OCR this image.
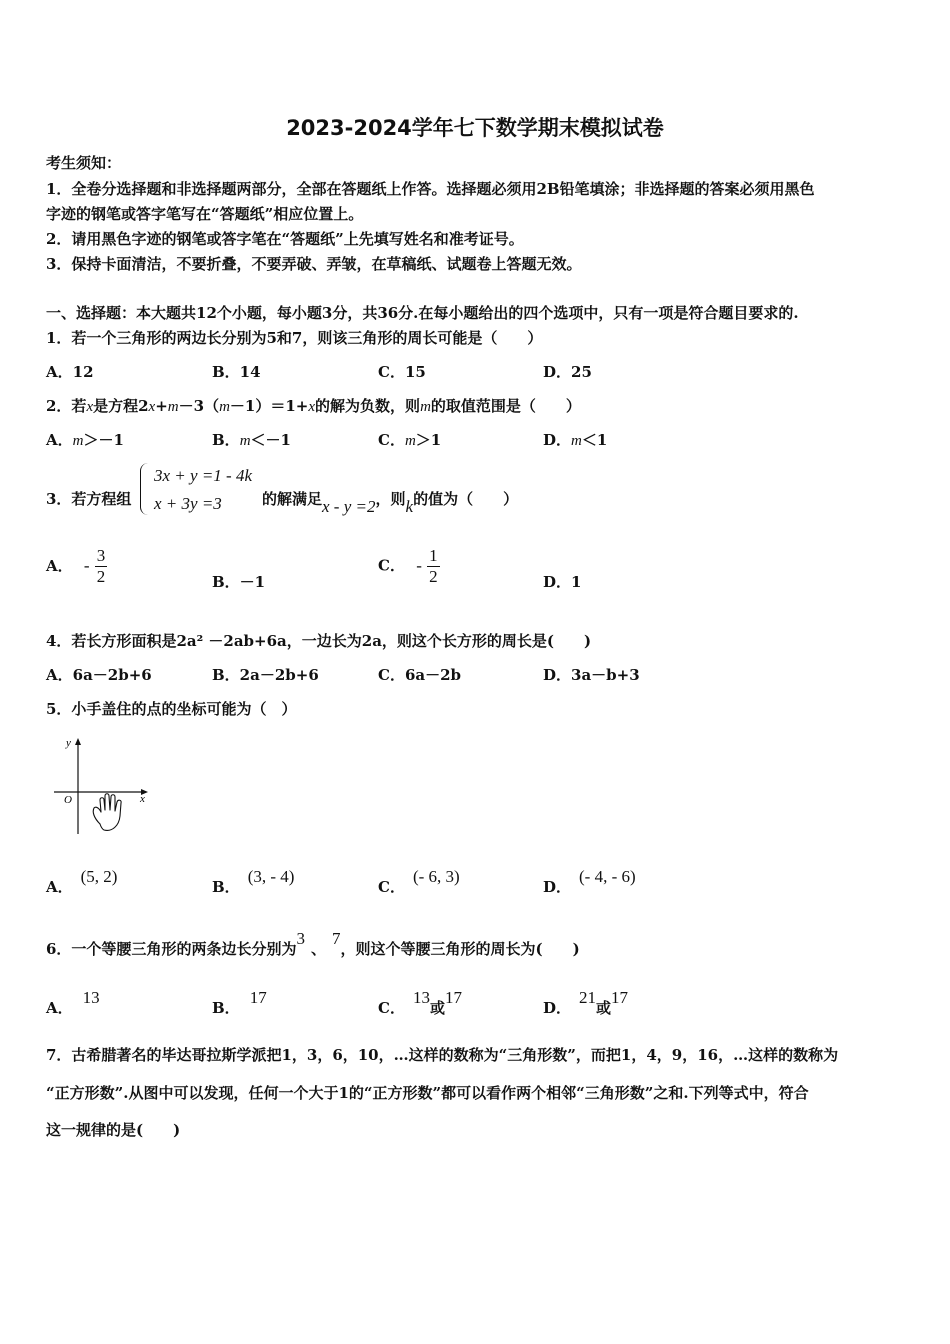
2023-2024学年七下数学期末模拟试卷
考生须知：
1．全卷分选择题和非选择题两部分，全部在答题纸上作答。选择题必须用2B铅笔填涂；非选择题的答案必须用黑色
字迹的钢笔或答字笔写在“答题纸”相应位置上。
2．请用黑色字迹的钢笔或答字笔在“答题纸”上先填写姓名和准考证号。
3．保持卡面清洁，不要折叠，不要弄破、弄皱，在草稿纸、试题卷上答题无效。
一、选择题：本大题共12个小题，每小题3分，共36分.在每小题给出的四个选项中，只有一项是符合题目要求的.
1．若一个三角形的两边长分别为5和7，则该三角形的周长可能是（　　）
A．12	B．14	C．15	D．25
2．若x是方程2x+m－3（m－1）＝1+x的解为负数，则m的取值范围是（　　）
A．m＞－1	B．m＜－1	C．m＞1	D．m＜1
3．若方程组
3x + y =1 - 4k
x + 3y =3	的解满足x - y =2，则k的值为（　　）
A． - $\frac{3}{2}$	B．－1
C． - $\frac{1}{2}$	D．1
4．若长方形面积是2a² －2ab+6a，一边长为2a，则这个长方形的周长是(　　)
A．6a－2b+6	B．2a－2b+6	C．6a－2b	D．3a－b+3
5．小手盖住的点的坐标可能为（　）
y
x
O
A．(5, 2)
B．(3, - 4)
C．(- 6, 3)
D．(- 4, - 6)
6．一个等腰三角形的两条边长分别为3、7，则这个等腰三角形的周长为(　　)
A．13
B．17
C．13或17
D．21或17
7．古希腊著名的毕达哥拉斯学派把1，3，6，10，…这样的数称为“三角形数”，而把1，4，9，16，…这样的数称为
“正方形数”.从图中可以发现，任何一个大于1的“正方形数”都可以看作两个相邻“三角形数”之和.下列等式中，符合
这一规律的是(　　)
